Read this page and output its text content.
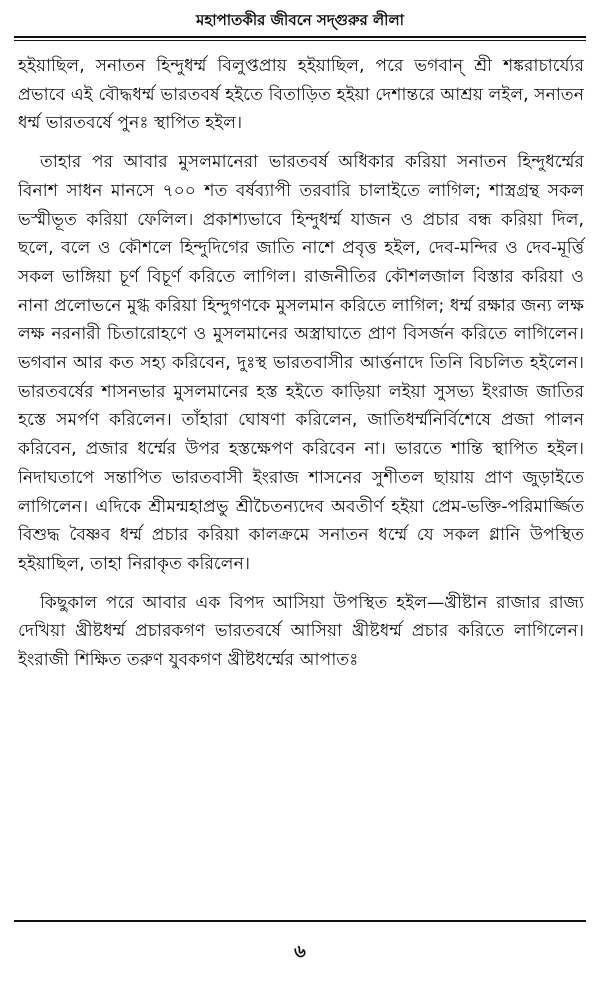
মহাপাতকীর জীবনে সদ্গুরুর লীলা

হইয়াছিল, সনাতন হিন্দুধর্ম্ম বিলুপ্তপ্রায় হইয়াছিল, পরে ভগবান্ শ্রী শঙ্করাচার্য্যের প্রভাবে এই বৌদ্ধধর্ম্ম ভারতবর্ষ হইতে বিতাড়িত হইয়া দেশান্তরে আশ্রয় লইল, সনাতন ধর্ম্ম ভারতবর্ষে পুনঃ স্থাপিত হইল।

তাহার পর আবার মুসলমানেরা ভারতবর্ষ অধিকার করিয়া সনাতন হিন্দুধর্ম্মের বিনাশ সাধন মানসে ৭০০ শত বর্ষব্যাপী তরবারি চালাইতে লাগিল; শাস্ত্রগ্রন্থ সকল ভস্মীভূত করিয়া ফেলিল। প্রকাশ্যভাবে হিন্দুধর্ম্ম যাজন ও প্রচার বন্ধ করিয়া দিল, ছলে, বলে ও কৌশলে হিন্দুদিগের জাতি নাশে প্রবৃত্ত হইল, দেব-মন্দির ও দেব-মূর্ত্তি সকল ভাঙ্গিয়া চূর্ণ বিচূর্ণ করিতে লাগিল। রাজনীতির কৌশলজাল বিস্তার করিয়া ও নানা প্রলোভনে মুগ্ধ করিয়া হিন্দুগণকে মুসলমান করিতে লাগিল; ধর্ম্ম রক্ষার জন্য লক্ষ লক্ষ নরনারী চিতারোহণে ও মুসলমানের অস্ত্রাঘাতে প্রাণ বিসর্জন করিতে লাগিলেন। ভগবান আর কত সহ্য করিবেন, দুঃস্থ ভারতবাসীর আর্ত্তনাদে তিনি বিচলিত হইলেন। ভারতবর্ষের শাসনভার মুসলমানের হস্ত হইতে কাড়িয়া লইয়া সুসভ্য ইংরাজ জাতির হস্তে সমর্পণ করিলেন। তাঁহারা ঘোষণা করিলেন, জাতিধর্ম্মনির্বিশেষে প্রজা পালন করিবেন, প্রজার ধর্ম্মের উপর হস্তক্ষেপণ করিবেন না। ভারতে শান্তি স্থাপিত হইল। নিদাঘতাপে সন্তাপিত ভারতবাসী ইংরাজ শাসনের সুশীতল ছায়ায় প্রাণ জুড়াইতে লাগিলেন। এদিকে শ্রীমন্মহাপ্রভু শ্রীচৈতন্যদেব অবতীর্ণ হইয়া প্রেম-ভক্তি-পরিমার্জ্জিত বিশুদ্ধ বৈষ্ণব ধর্ম্ম প্রচার করিয়া কালক্রমে সনাতন ধর্ম্মে যে সকল গ্লানি উপস্থিত হইয়াছিল, তাহা নিরাকৃত করিলেন।

কিছুকাল পরে আবার এক বিপদ আসিয়া উপস্থিত হইল—খ্রীষ্টান রাজার রাজ্য দেখিয়া খ্রীষ্টধর্ম্ম প্রচারকগণ ভারতবর্ষে আসিয়া খ্রীষ্টধর্ম্ম প্রচার করিতে লাগিলেন। ইংরাজী শিক্ষিত তরুণ যুবকগণ খ্রীষ্টধর্ম্মের আপাতঃ

৬
